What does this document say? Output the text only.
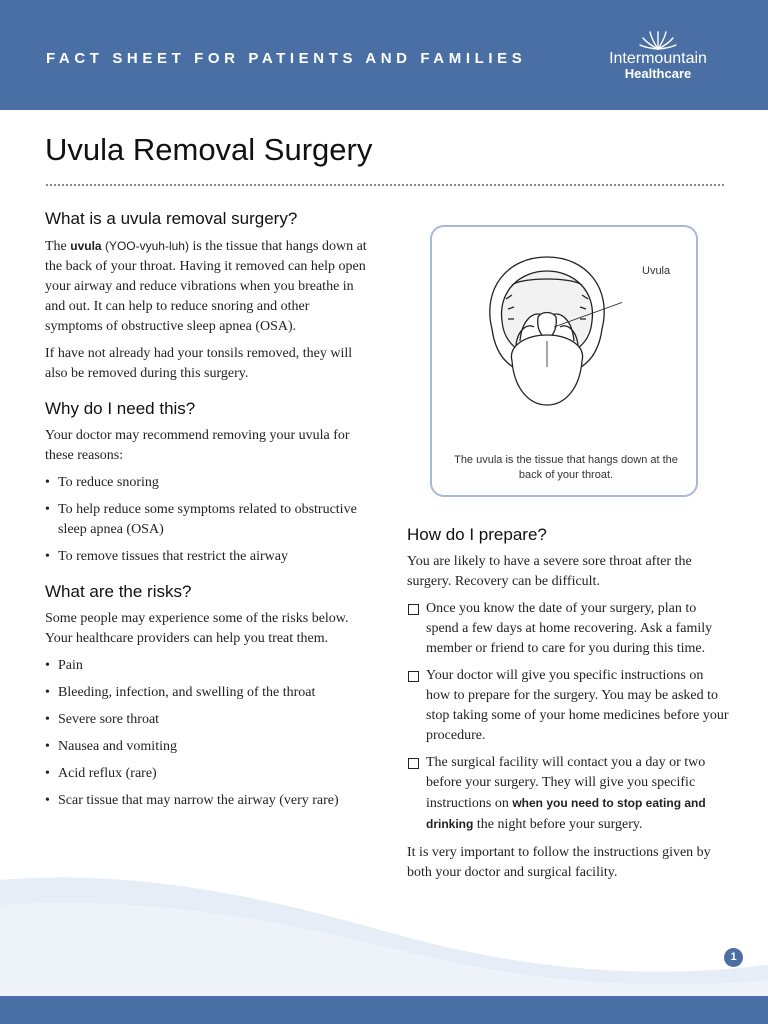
FACT SHEET FOR PATIENTS AND FAMILIES	Intermountain
Healthcare
Uvula Removal Surgery
What is a uvula removal surgery?

The uvula (YOO-vyuh-luh) is the tissue that hangs down at the back of your throat. Having it removed can help open your airway and reduce vibrations when you breathe in and out. It can help to reduce snoring and other symptoms of obstructive sleep apnea (OSA).

If have not already had your tonsils removed, they will also be removed during this surgery.

Why do I need this?

Your doctor may recommend removing your uvula for these reasons:

• To reduce snoring
• To help reduce some symptoms related to obstructive sleep apnea (OSA)
• To remove tissues that restrict the airway
What are the risks?

Some people may experience some of the risks below. Your healthcare providers can help you treat them.

• Pain
• Bleeding, infection, and swelling of the throat
• Severe sore throat
• Nausea and vomiting
• Acid reflux (rare)
• Scar tissue that may narrow the airway (very rare)
Uvula
The uvula is the tissue that hangs down at the back of your throat.
How do I prepare?

You are likely to have a severe sore throat after the surgery. Recovery can be difficult.

Once you know the date of your surgery, plan to spend a few days at home recovering. Ask a family member or friend to care for you during this time.
Your doctor will give you specific instructions on how to prepare for the surgery. You may be asked to stop taking some of your home medicines before your procedure.
The surgical facility will contact you a day or two before your surgery. They will give you specific instructions on when you need to stop eating and drinking the night before your surgery.

It is very important to follow the instructions given by both your doctor and surgical facility.

1
